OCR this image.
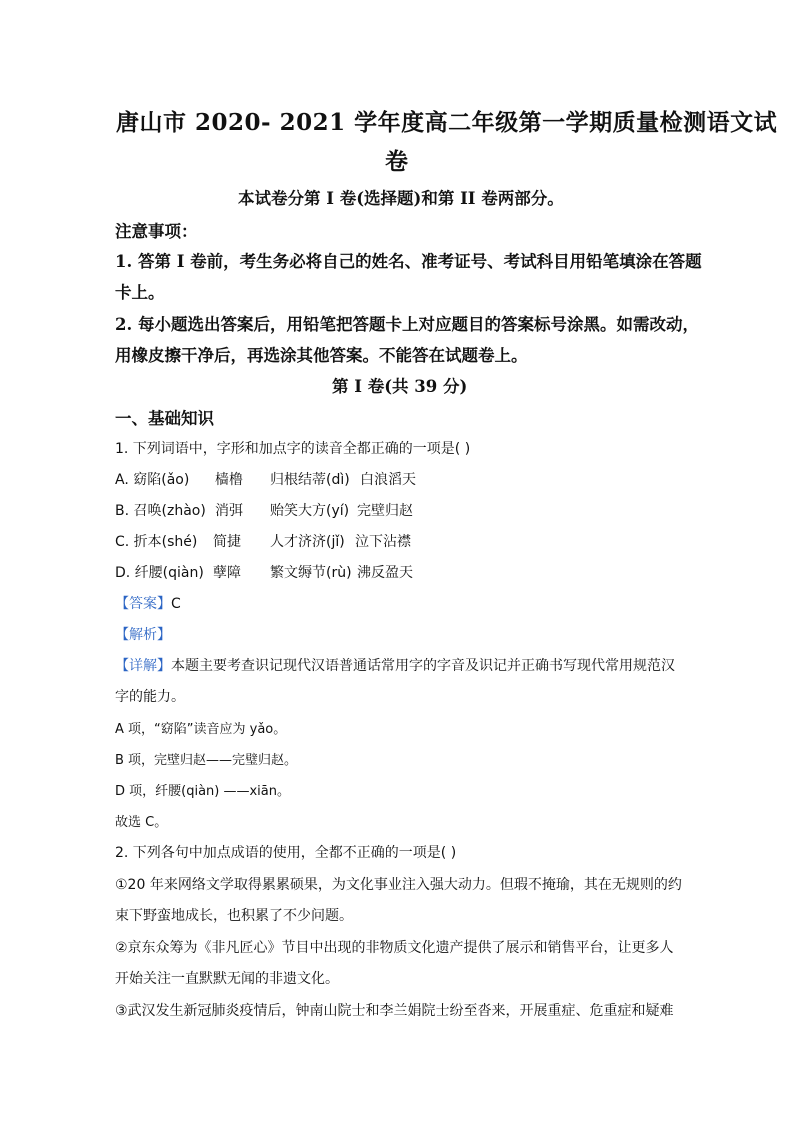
唐山市 2020- 2021 学年度高二年级第一学期质量检测语文试
卷
本试卷分第 I 卷(选择题)和第 II 卷两部分。
注意事项：
1. 答第 I 卷前，考生务必将自己的姓名、准考证号、考试科目用铅笔填涂在答题
卡上。
2. 每小题选出答案后，用铅笔把答题卡上对应题目的答案标号涂黑。如需改动，
用橡皮擦干净后，再选涂其他答案。不能答在试题卷上。
第 I 卷(共 39 分)
一、基础知识
1. 下列词语中，字形和加点字的读音全都正确的一项是( )
A. 窈陷(ǎo) 樯橹 归根结蒂(dì) 白浪滔天
B. 召唤(zhào) 消弭 贻笑大方(yí) 完壁归赵
C. 折本(shé) 简捷 人才济济(jǐ) 泣下沾襟
D. 纤腰(qiàn) 孽障 繁文缛节(rù) 沸反盈天
【答案】C
【解析】
【详解】本题主要考查识记现代汉语普通话常用字的字音及识记并正确书写现代常用规范汉
字的能力。
A 项，“窈陷”读音应为 yǎo。
B 项，完壁归赵——完璧归赵。
D 项，纤腰(qiàn) ——xiān。
故选 C。
2. 下列各句中加点成语的使用，全都不正确的一项是( )
①20 年来网络文学取得累累硕果，为文化事业注入强大动力。但瑕不掩瑜，其在无规则的约
束下野蛮地成长，也积累了不少问题。
②京东众筹为《非凡匠心》节目中出现的非物质文化遗产提供了展示和销售平台，让更多人
开始关注一直默默无闻的非遗文化。
③武汉发生新冠肺炎疫情后，钟南山院士和李兰娟院士纷至沓来，开展重症、危重症和疑难
